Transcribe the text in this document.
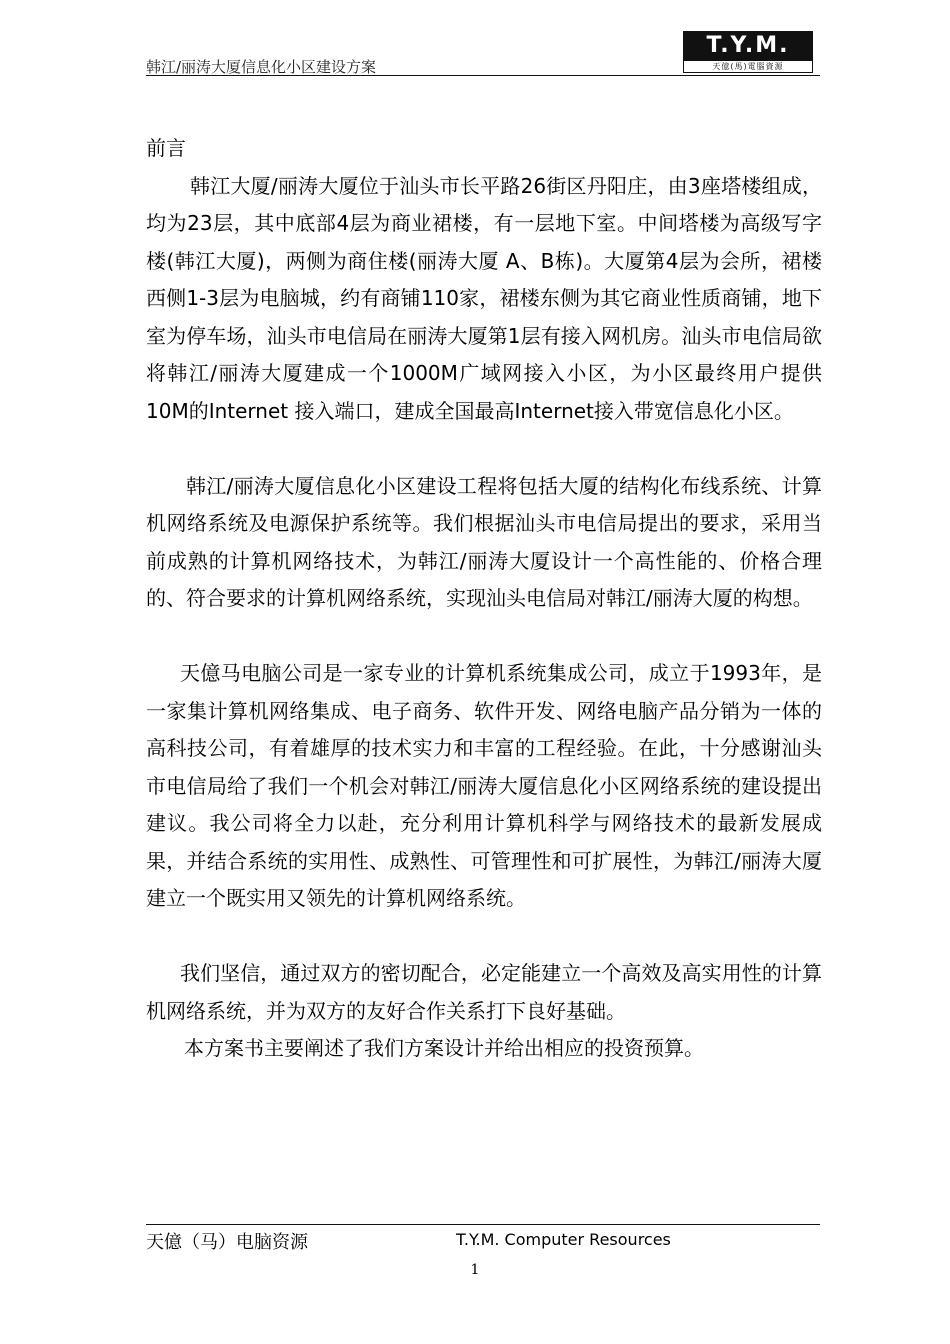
韩江/丽涛大厦信息化小区建设方案
T.Y.M.
天億(馬)電腦資源
前言

韩江大厦/丽涛大厦位于汕头市长平路26街区丹阳庄，由3座塔楼组成，均为23层，其中底部4层为商业裙楼，有一层地下室。中间塔楼为高级写字楼(韩江大厦)，两侧为商住楼(丽涛大厦 A、B栋)。大厦第4层为会所，裙楼西侧1-3层为电脑城，约有商铺110家，裙楼东侧为其它商业性质商铺，地下室为停车场，汕头市电信局在丽涛大厦第1层有接入网机房。汕头市电信局欲将韩江/丽涛大厦建成一个1000M广域网接入小区，为小区最终用户提供10M的Internet 接入端口，建成全国最高Internet接入带宽信息化小区。

韩江/丽涛大厦信息化小区建设工程将包括大厦的结构化布线系统、计算机网络系统及电源保护系统等。我们根据汕头市电信局提出的要求，采用当前成熟的计算机网络技术，为韩江/丽涛大厦设计一个高性能的、价格合理的、符合要求的计算机网络系统，实现汕头电信局对韩江/丽涛大厦的构想。

天億马电脑公司是一家专业的计算机系统集成公司，成立于1993年，是一家集计算机网络集成、电子商务、软件开发、网络电脑产品分销为一体的高科技公司，有着雄厚的技术实力和丰富的工程经验。在此，十分感谢汕头市电信局给了我们一个机会对韩江/丽涛大厦信息化小区网络系统的建设提出建议。我公司将全力以赴，充分利用计算机科学与网络技术的最新发展成果，并结合系统的实用性、成熟性、可管理性和可扩展性，为韩江/丽涛大厦建立一个既实用又领先的计算机网络系统。

我们坚信，通过双方的密切配合，必定能建立一个高效及高实用性的计算机网络系统，并为双方的友好合作关系打下良好基础。

本方案书主要阐述了我们方案设计并给出相应的投资预算。

天億（马）电脑资源	T.Y.M. Computer Resources
1
